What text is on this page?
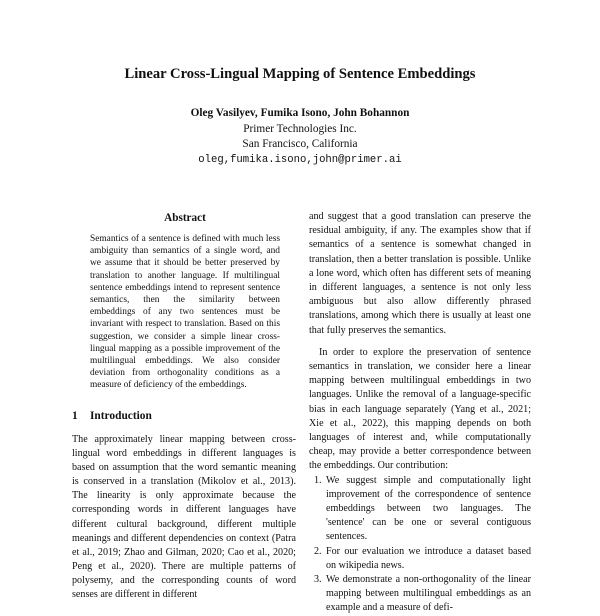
Linear Cross-Lingual Mapping of Sentence Embeddings
Oleg Vasilyev, Fumika Isono, John Bohannon
Primer Technologies Inc.
San Francisco, California
oleg,fumika.isono,john@primer.ai
Abstract
Semantics of a sentence is defined with much less ambiguity than semantics of a single word, and we assume that it should be better preserved by translation to another language. If multilingual sentence embeddings intend to represent sentence semantics, then the similarity between embeddings of any two sentences must be invariant with respect to translation. Based on this suggestion, we consider a simple linear cross-lingual mapping as a possible improvement of the multilingual embeddings. We also consider deviation from orthogonality conditions as a measure of deficiency of the embeddings.
1 Introduction
The approximately linear mapping between cross-lingual word embeddings in different languages is based on assumption that the word semantic meaning is conserved in a translation (Mikolov et al., 2013). The linearity is only approximate because the corresponding words in different languages have different cultural background, different multiple meanings and different dependencies on context (Patra et al., 2019; Zhao and Gilman, 2020; Cao et al., 2020; Peng et al., 2020). There are multiple patterns of polysemy, and the corresponding counts of word senses are different in different

and suggest that a good translation can preserve the residual ambiguity, if any. The examples show that if semantics of a sentence is somewhat changed in translation, then a better translation is possible. Unlike a lone word, which often has different sets of meaning in different languages, a sentence is not only less ambiguous but also allow differently phrased translations, among which there is usually at least one that fully preserves the semantics.

In order to explore the preservation of sentence semantics in translation, we consider here a linear mapping between multilingual embeddings in two languages. Unlike the removal of a language-specific bias in each language separately (Yang et al., 2021; Xie et al., 2022), this mapping depends on both languages of interest and, while computationally cheap, may provide a better correspondence between the embeddings. Our contribution:

1. We suggest simple and computationally light improvement of the correspondence of sentence embeddings between two languages. The 'sentence' can be one or several contiguous sentences.
2. For our evaluation we introduce a dataset based on wikipedia news.
3. We demonstrate a non-orthogonality of the linear mapping between multilingual embeddings as an example and a measure of defi-
